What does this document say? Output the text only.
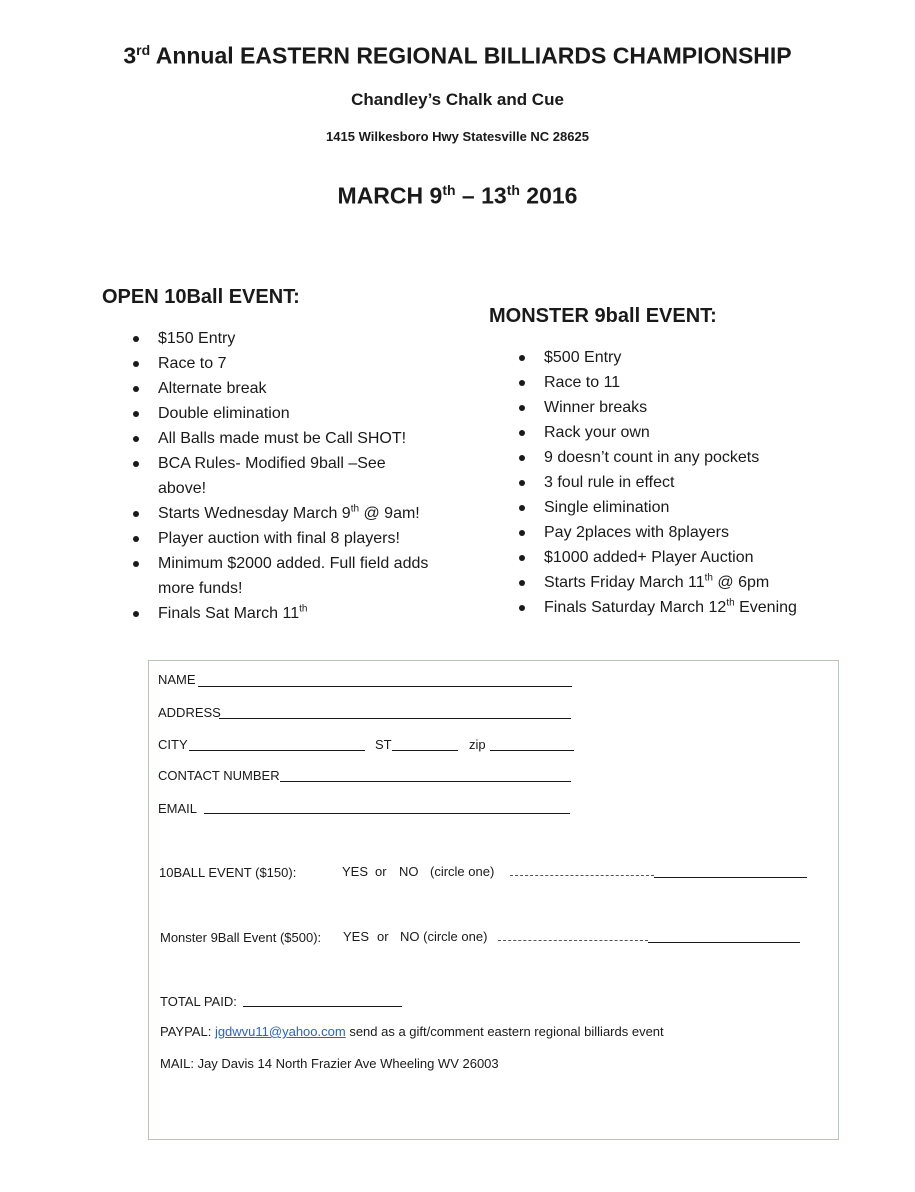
3rd Annual EASTERN REGIONAL BILLIARDS CHAMPIONSHIP
Chandley’s Chalk and Cue
1415 Wilkesboro Hwy Statesville NC 28625
MARCH 9th – 13th 2016
OPEN 10Ball EVENT:
$150 Entry
Race to 7
Alternate break
Double elimination
All Balls made must be Call SHOT!
BCA Rules- Modified 9ball –See above!
Starts Wednesday March 9th @ 9am!
Player auction with final 8 players!
Minimum $2000 added. Full field adds more funds!
Finals Sat March 11th
MONSTER 9ball EVENT:
$500 Entry
Race to 11
Winner breaks
Rack your own
9 doesn’t count in any pockets
3 foul rule in effect
Single elimination
Pay 2places with 8players
$1000 added+ Player Auction
Starts Friday March 11th @ 6pm
Finals Saturday March 12th Evening
NAME
ADDRESS
CITY	ST	zip
CONTACT NUMBER
EMAIL
10BALL EVENT ($150):	YES or NO (circle one)
Monster 9Ball Event ($500): YES or NO (circle one)
TOTAL PAID:
PAYPAL: jgdwvu11@yahoo.com send as a gift/comment eastern regional billiards event
MAIL: Jay Davis 14 North Frazier Ave Wheeling WV 26003
